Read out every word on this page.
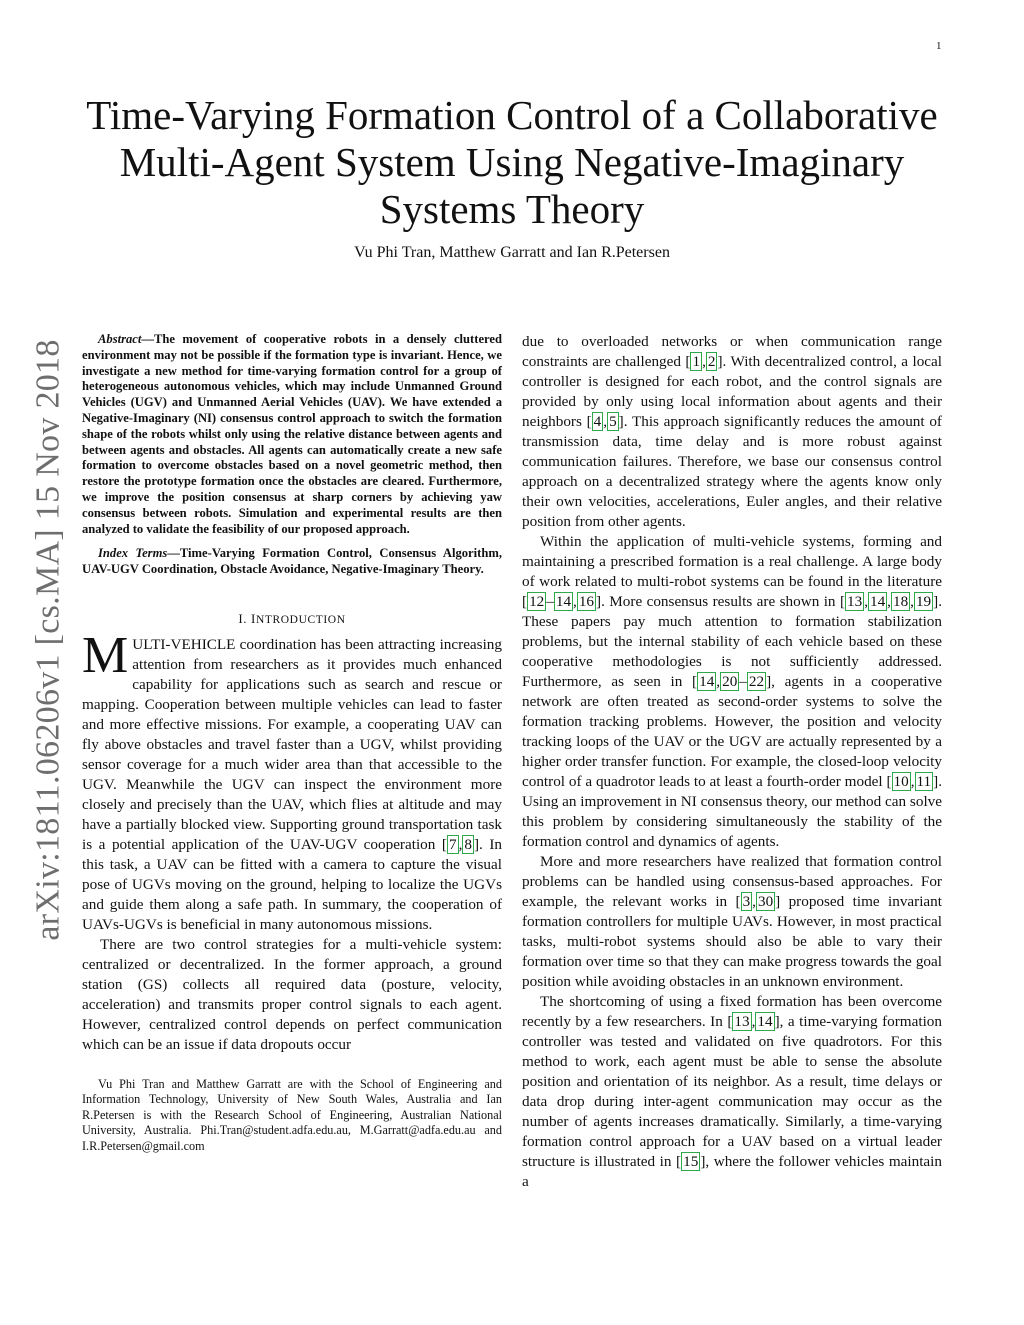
1
arXiv:1811.06206v1 [cs.MA] 15 Nov 2018
Time-Varying Formation Control of a Collaborative Multi-Agent System Using Negative-Imaginary Systems Theory
Vu Phi Tran, Matthew Garratt and Ian R.Petersen

Abstract—The movement of cooperative robots in a densely cluttered environment may not be possible if the formation type is invariant. Hence, we investigate a new method for time-varying formation control for a group of heterogeneous autonomous vehicles, which may include Unmanned Ground Vehicles (UGV) and Unmanned Aerial Vehicles (UAV). We have extended a Negative-Imaginary (NI) consensus control approach to switch the formation shape of the robots whilst only using the relative distance between agents and between agents and obstacles. All agents can automatically create a new safe formation to overcome obstacles based on a novel geometric method, then restore the prototype formation once the obstacles are cleared. Furthermore, we improve the position consensus at sharp corners by achieving yaw consensus between robots. Simulation and experimental results are then analyzed to validate the feasibility of our proposed approach.

Index Terms—Time-Varying Formation Control, Consensus Algorithm, UAV-UGV Coordination, Obstacle Avoidance, Negative-Imaginary Theory.

I. INTRODUCTION

MULTI-VEHICLE coordination has been attracting increasing attention from researchers as it provides much enhanced capability for applications such as search and rescue or mapping. Cooperation between multiple vehicles can lead to faster and more effective missions. For example, a cooperating UAV can fly above obstacles and travel faster than a UGV, whilst providing sensor coverage for a much wider area than that accessible to the UGV. Meanwhile the UGV can inspect the environment more closely and precisely than the UAV, which flies at altitude and may have a partially blocked view. Supporting ground transportation task is a potential application of the UAV-UGV cooperation [ 7 , 8 ]. In this task, a UAV can be fitted with a camera to capture the visual pose of UGVs moving on the ground, helping to localize the UGVs and guide them along a safe path. In summary, the cooperation of UAVs-UGVs is beneficial in many autonomous missions.

There are two control strategies for a multi-vehicle system: centralized or decentralized. In the former approach, a ground station (GS) collects all required data (posture, velocity, acceleration) and transmits proper control signals to each agent. However, centralized control depends on perfect communication which can be an issue if data dropouts occur

Vu Phi Tran and Matthew Garratt are with the School of Engineering and Information Technology, University of New South Wales, Australia and Ian R.Petersen is with the Research School of Engineering, Australian National University, Australia. Phi.Tran@student.adfa.edu.au, M.Garratt@adfa.edu.au and I.R.Petersen@gmail.com

due to overloaded networks or when communication range constraints are challenged [ 1 , 2 ]. With decentralized control, a local controller is designed for each robot, and the control signals are provided by only using local information about agents and their neighbors [ 4 , 5 ]. This approach significantly reduces the amount of transmission data, time delay and is more robust against communication failures. Therefore, we base our consensus control approach on a decentralized strategy where the agents know only their own velocities, accelerations, Euler angles, and their relative position from other agents.

Within the application of multi-vehicle systems, forming and maintaining a prescribed formation is a real challenge. A large body of work related to multi-robot systems can be found in the literature [ 12 – 14 , 16 ]. More consensus results are shown in [ 13 , 14 , 18 , 19 ]. These papers pay much attention to formation stabilization problems, but the internal stability of each vehicle based on these cooperative methodologies is not sufficiently addressed. Furthermore, as seen in [ 14 , 20 – 22 ], agents in a cooperative network are often treated as second-order systems to solve the formation tracking problems. However, the position and velocity tracking loops of the UAV or the UGV are actually represented by a higher order transfer function. For example, the closed-loop velocity control of a quadrotor leads to at least a fourth-order model [ 10 , 11 ]. Using an improvement in NI consensus theory, our method can solve this problem by considering simultaneously the stability of the formation control and dynamics of agents.

More and more researchers have realized that formation control problems can be handled using consensus-based approaches. For example, the relevant works in [ 3 , 30 ] proposed time invariant formation controllers for multiple UAVs. However, in most practical tasks, multi-robot systems should also be able to vary their formation over time so that they can make progress towards the goal position while avoiding obstacles in an unknown environment.

The shortcoming of using a fixed formation has been overcome recently by a few researchers. In [ 13 , 14 ], a time-varying formation controller was tested and validated on five quadrotors. For this method to work, each agent must be able to sense the absolute position and orientation of its neighbor. As a result, time delays or data drop during inter-agent communication may occur as the number of agents increases dramatically. Similarly, a time-varying formation control approach for a UAV based on a virtual leader structure is illustrated in [ 15 ], where the follower vehicles maintain a
